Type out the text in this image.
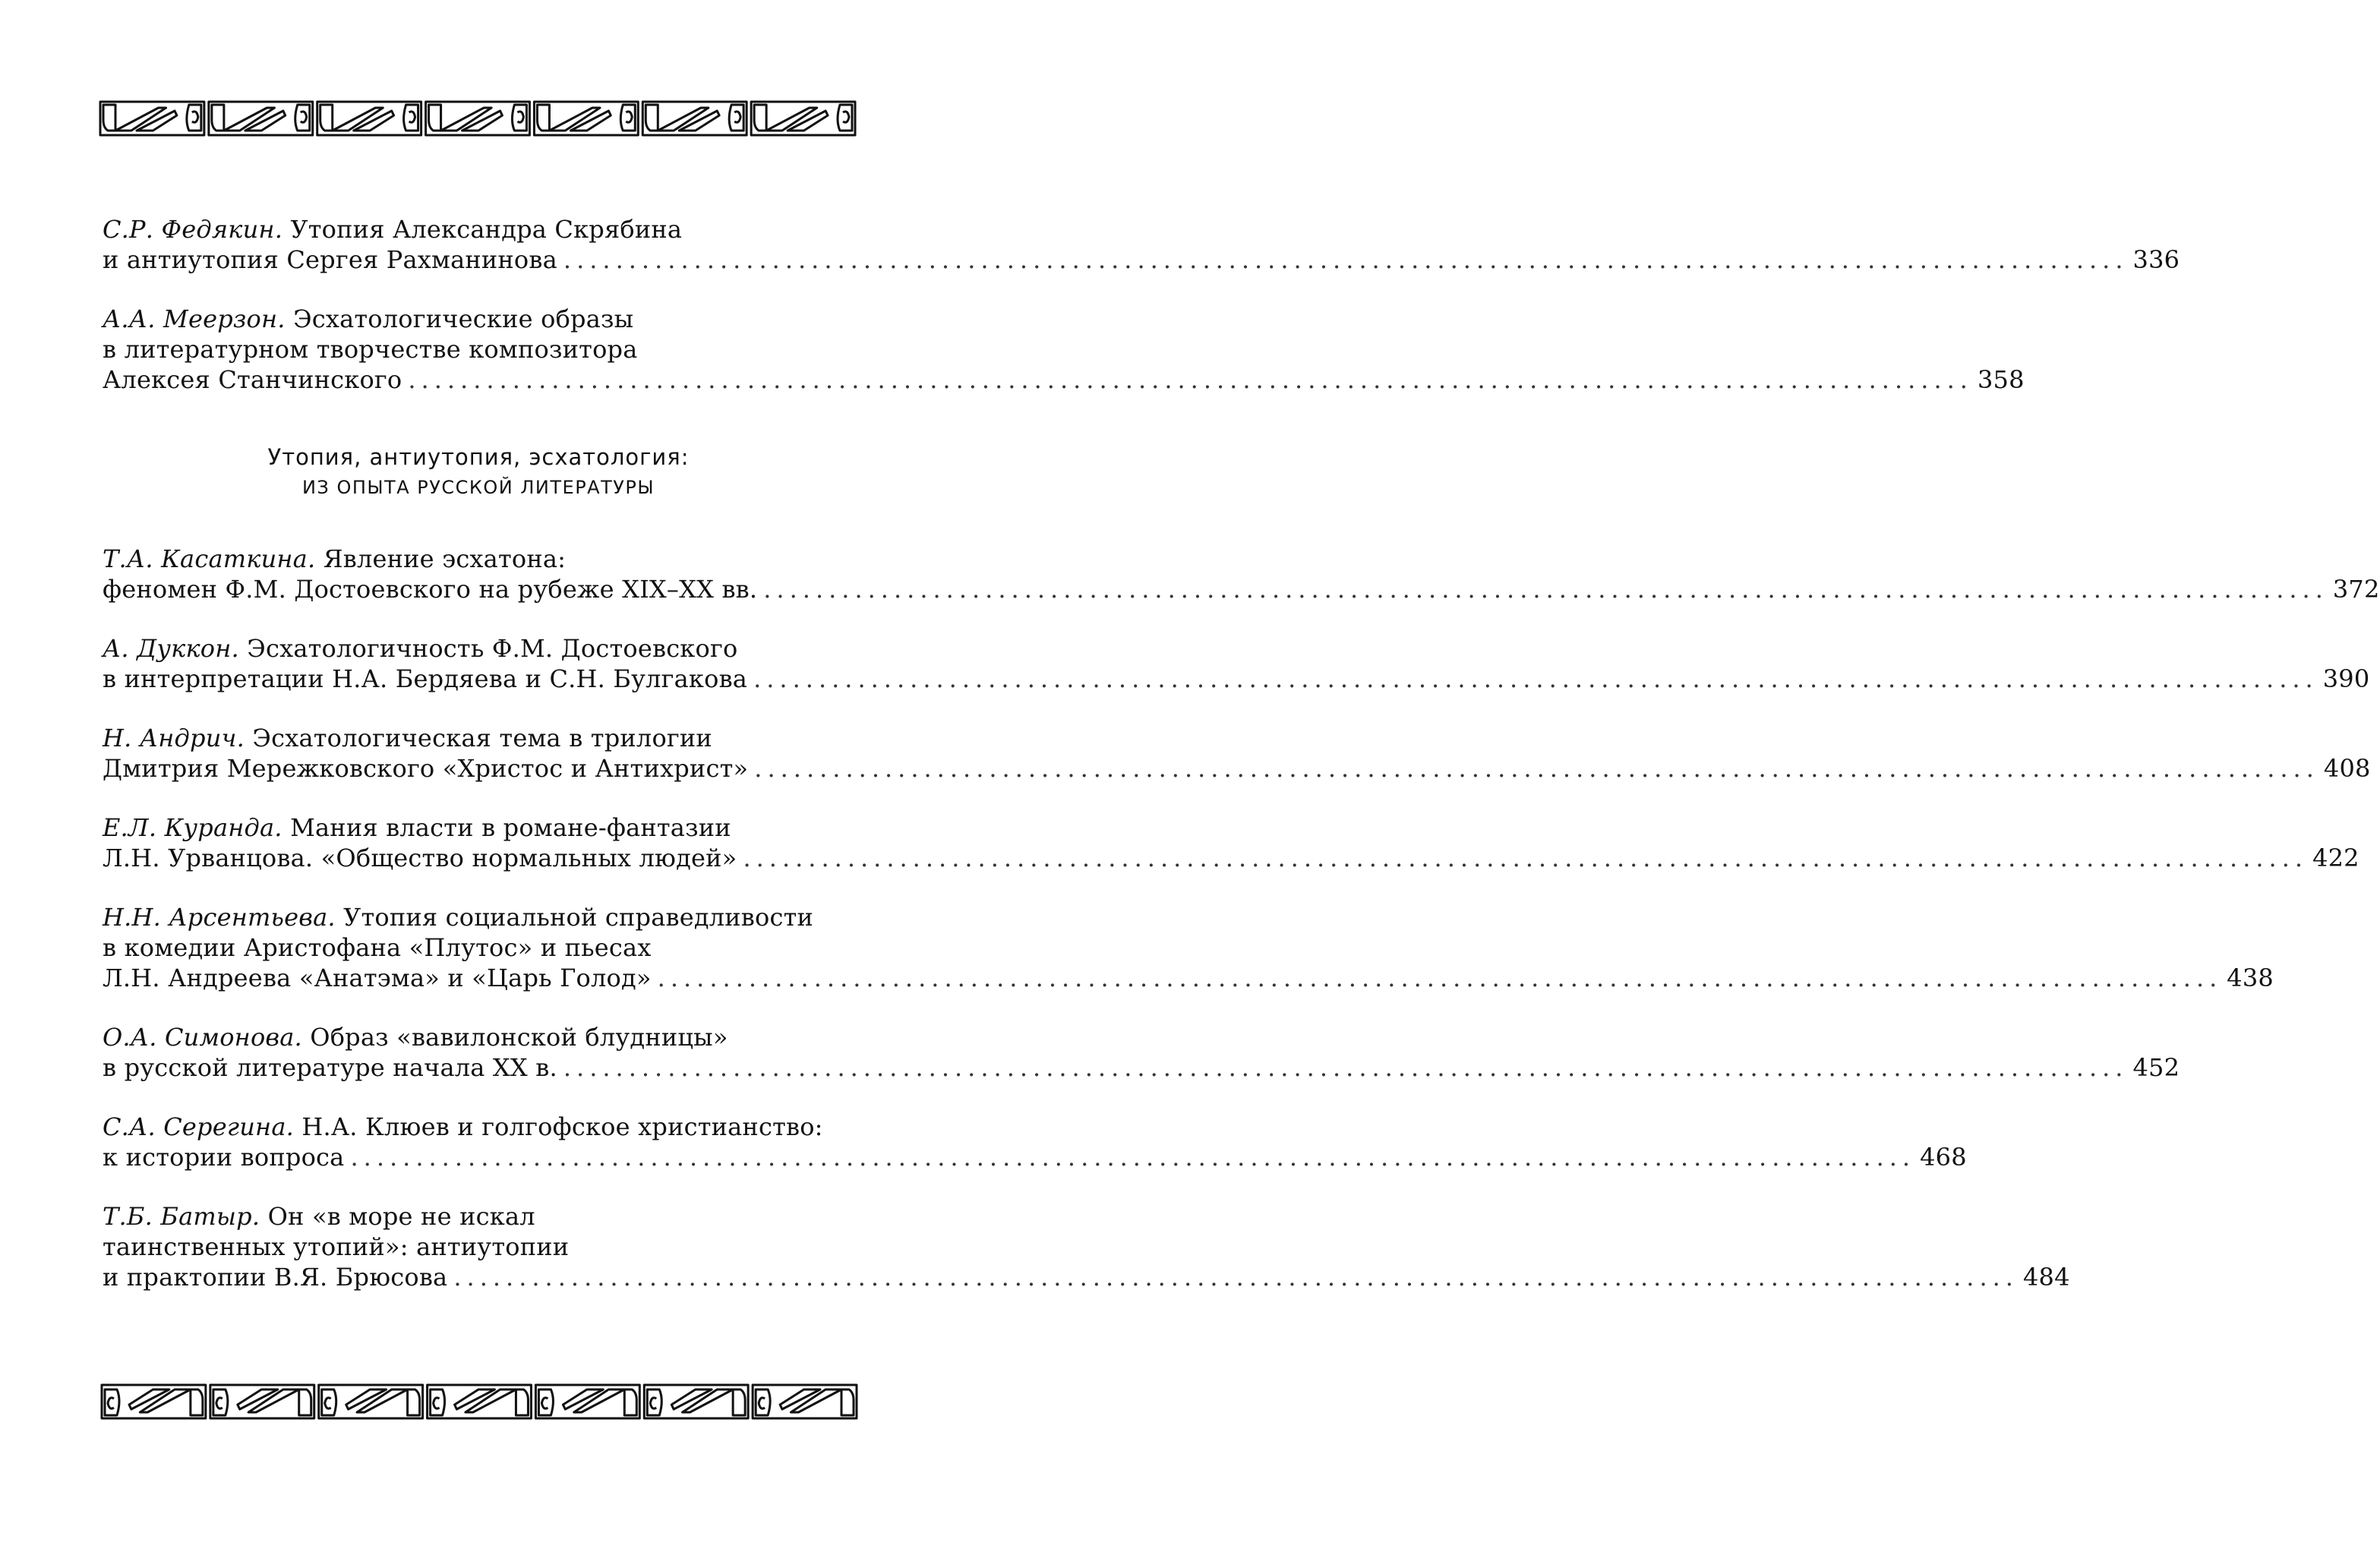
С.Р. Федякин. Утопия Александра Скрябина
и антиутопия Сергея Рахманинова ........................................................................................................................ 336
А.А. Меерзон. Эсхатологические образы
в литературном творчестве композитора
Алексея Станчинского ........................................................................................................................ 358
Утопия, антиутопия, эсхатология:
ИЗ ОПЫТА РУССКОЙ ЛИТЕРАТУРЫ
Т.А. Касаткина. Явление эсхатона:
феномен Ф.М. Достоевского на рубеже XIX–XX вв. ........................................................................................................................ 372
А. Дуккон. Эсхатологичность Ф.М. Достоевского
в интерпретации Н.А. Бердяева и С.Н. Булгакова ........................................................................................................................ 390
Н. Андрич. Эсхатологическая тема в трилогии
Дмитрия Мережковского «Христос и Антихрист» ........................................................................................................................ 408
Е.Л. Куранда. Мания власти в романе-фантазии
Л.Н. Урванцова. «Общество нормальных людей» ........................................................................................................................ 422
Н.Н. Арсентьева. Утопия социальной справедливости
в комедии Аристофана «Плутос» и пьесах
Л.Н. Андреева «Анатэма» и «Царь Голод» ........................................................................................................................ 438
О.А. Симонова. Образ «вавилонской блудницы»
в русской литературе начала XX в. ........................................................................................................................ 452
С.А. Серегина. Н.А. Клюев и голгофское христианство:
к истории вопроса ........................................................................................................................ 468
Т.Б. Батыр. Он «в море не искал
таинственных утопий»: антиутопии
и практопии В.Я. Брюсова ........................................................................................................................ 484
